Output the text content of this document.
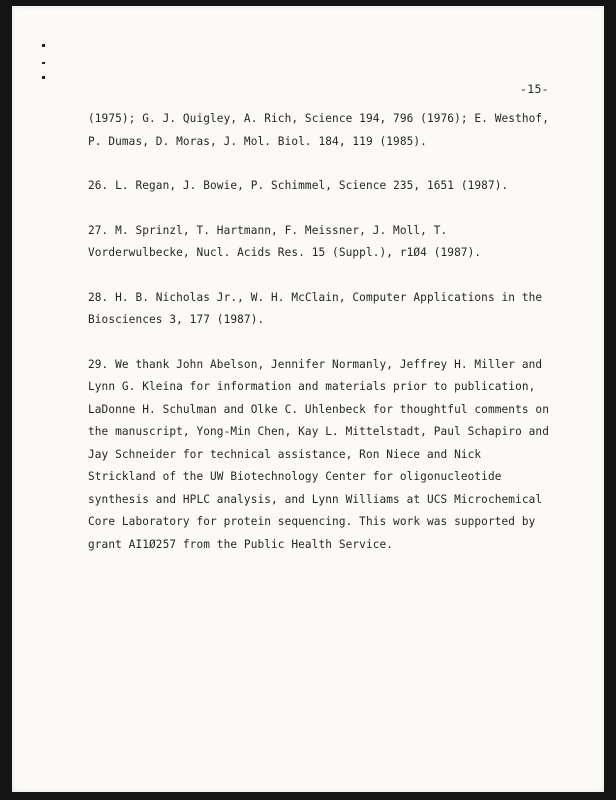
-15-
(1975); G. J. Quigley, A. Rich, Science 194, 796 (1976); E. Westhof,
P. Dumas, D. Moras, J. Mol. Biol. 184, 119 (1985).
26. L. Regan, J. Bowie, P. Schimmel, Science 235, 1651 (1987).
27. M. Sprinzl, T. Hartmann, F. Meissner, J. Moll, T.
Vorderwulbecke, Nucl. Acids Res. 15 (Suppl.), r1Ø4 (1987).
28. H. B. Nicholas Jr., W. H. McClain, Computer Applications in the
Biosciences 3, 177 (1987).
29. We thank John Abelson, Jennifer Normanly, Jeffrey H. Miller and
Lynn G. Kleina for information and materials prior to publication,
LaDonne H. Schulman and Olke C. Uhlenbeck for thoughtful comments on
the manuscript, Yong-Min Chen, Kay L. Mittelstadt, Paul Schapiro and
Jay Schneider for technical assistance, Ron Niece and Nick
Strickland of the UW Biotechnology Center for oligonucleotide
synthesis and HPLC analysis, and Lynn Williams at UCS Microchemical
Core Laboratory for protein sequencing. This work was supported by
grant AI1Ø257 from the Public Health Service.
